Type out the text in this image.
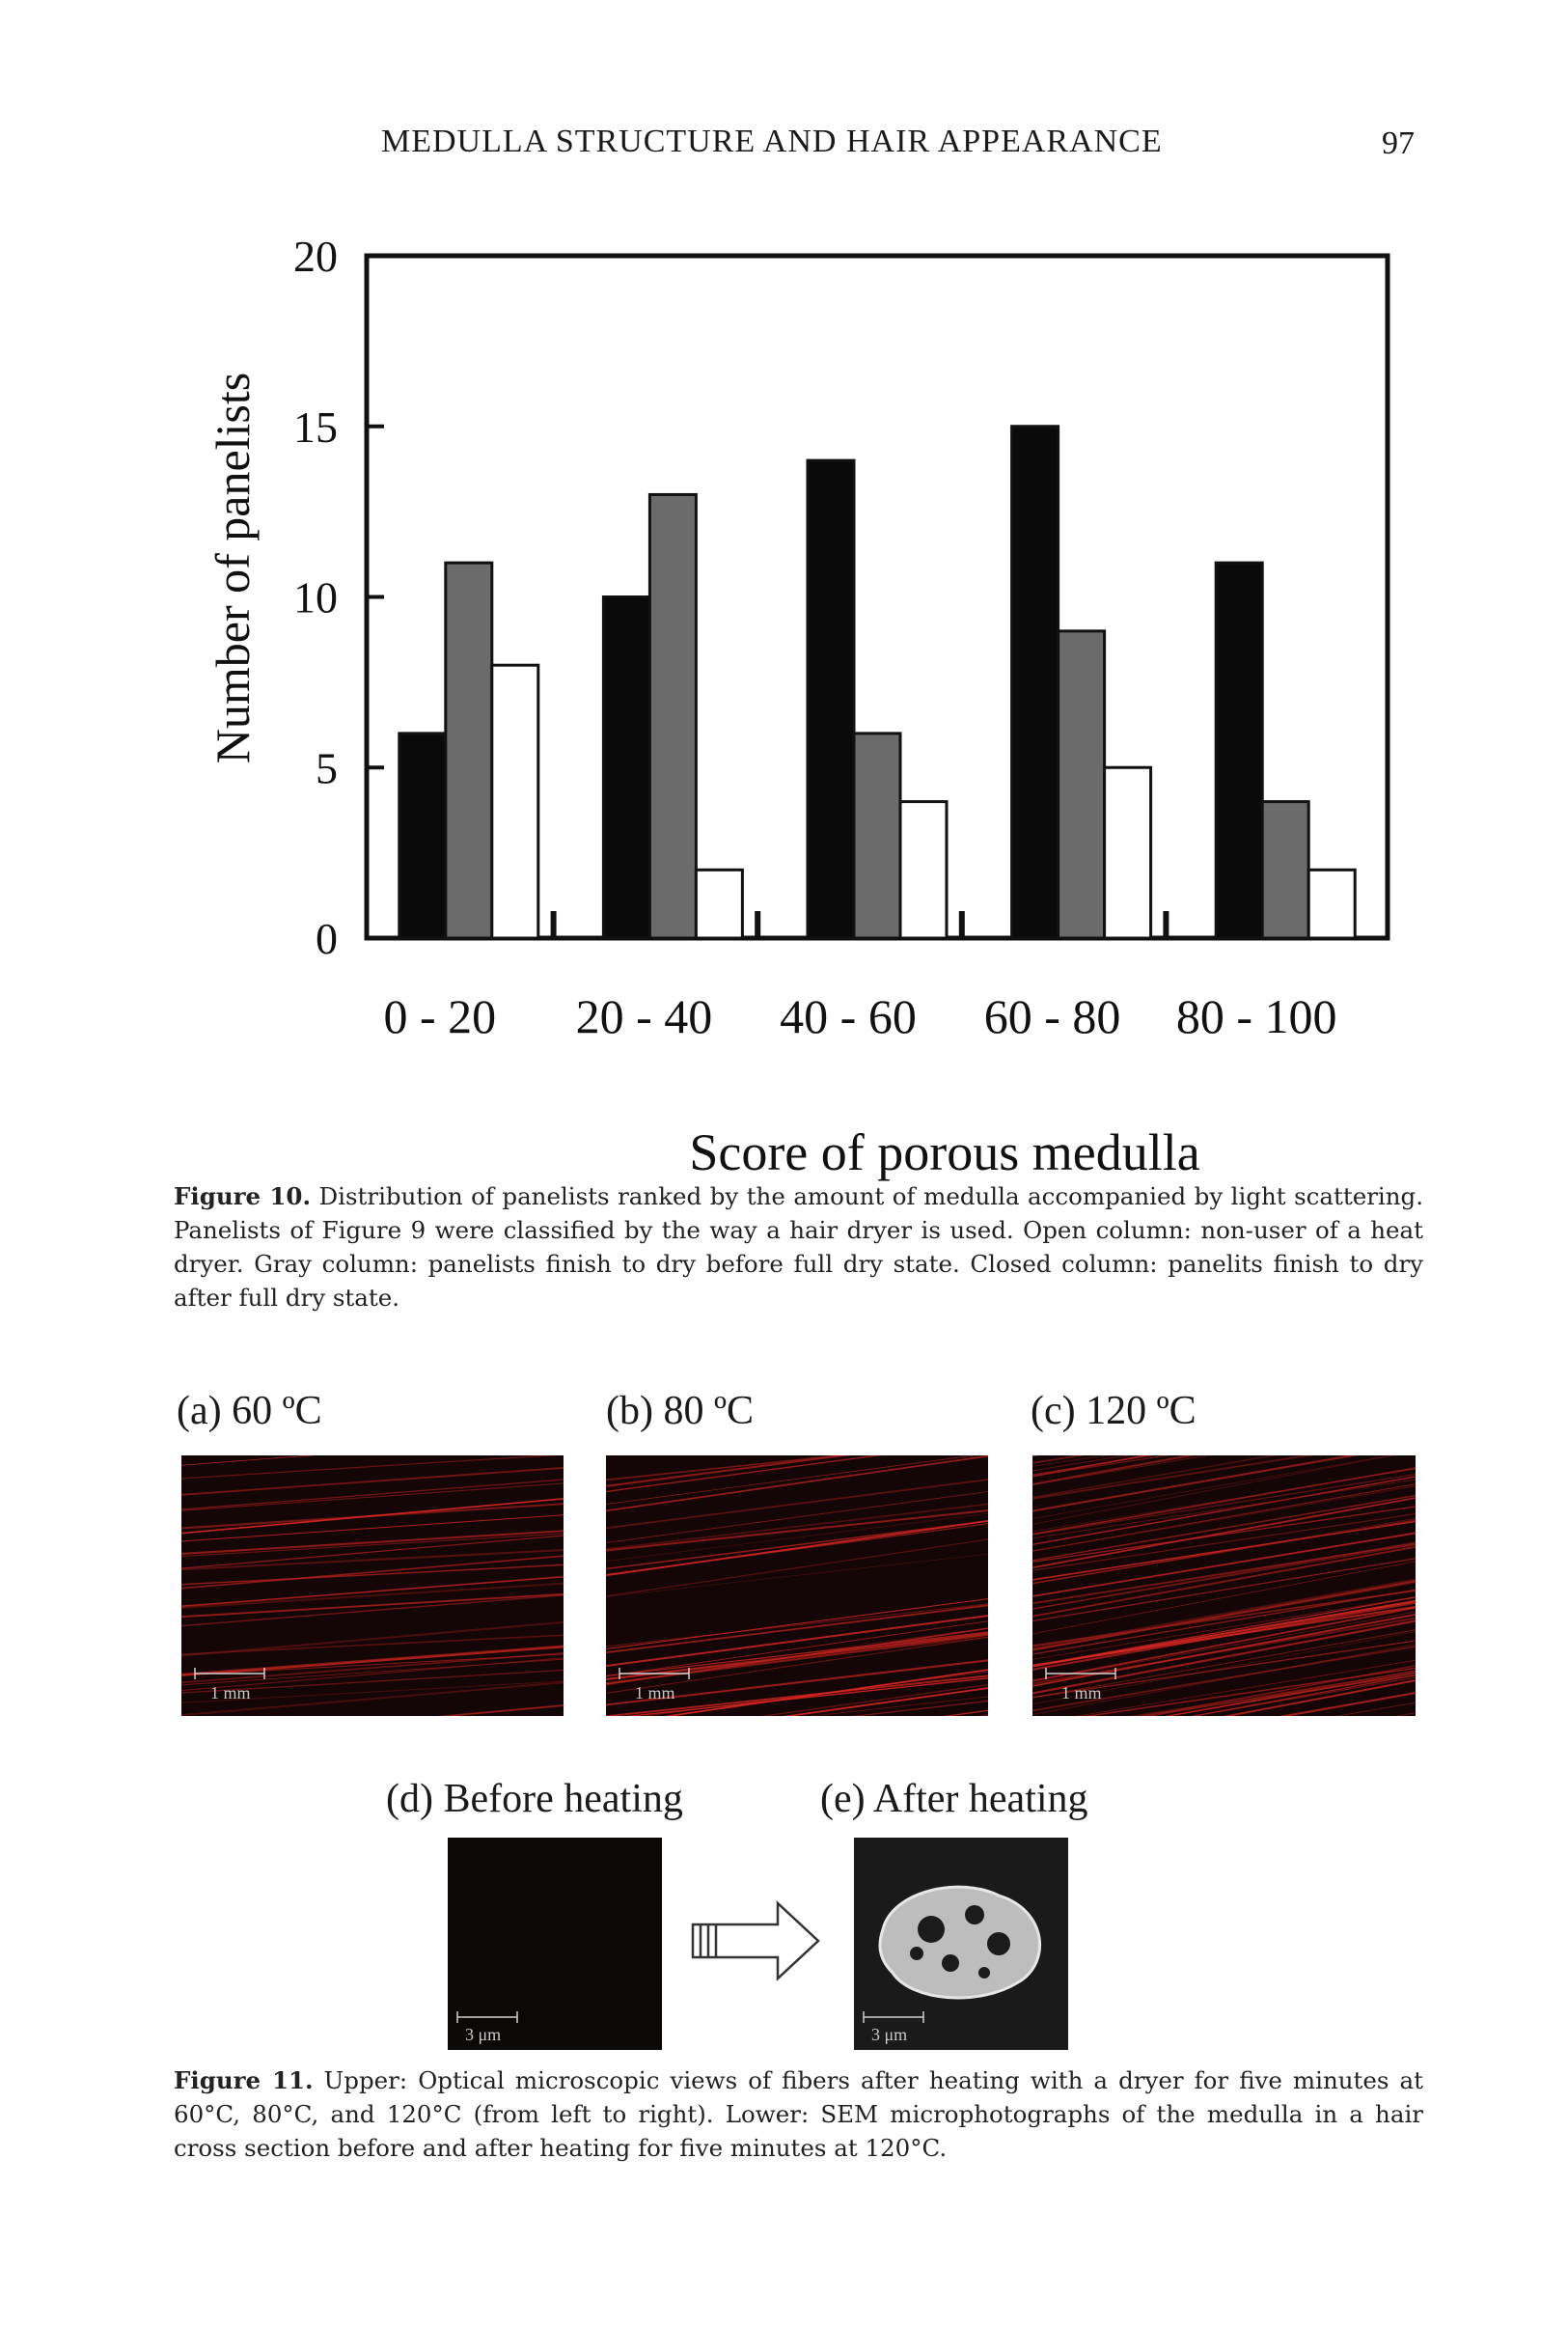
MEDULLA STRUCTURE AND HAIR APPEARANCE	97
0
5
10
15
20
Number of panelists
0 - 20 20 - 40 40 - 60 60 - 80 80 - 100
Score of porous medulla
Figure 10. Distribution of panelists ranked by the amount of medulla accompanied by light scattering. Panelists of Figure 9 were classified by the way a hair dryer is used. Open column: non-user of a heat dryer. Gray column: panelists finish to dry before full dry state. Closed column: panelits finish to dry after full dry state.
(a) 60 ºC	(b) 80 ºC	(c) 120 ºC
1 mm	1 mm	1 mm
(d) Before heating	(e) After heating
3 μm	3 μm
Figure 11. Upper: Optical microscopic views of fibers after heating with a dryer for five minutes at 60°C, 80°C, and 120°C (from left to right). Lower: SEM microphotographs of the medulla in a hair cross section before and after heating for five minutes at 120°C.
